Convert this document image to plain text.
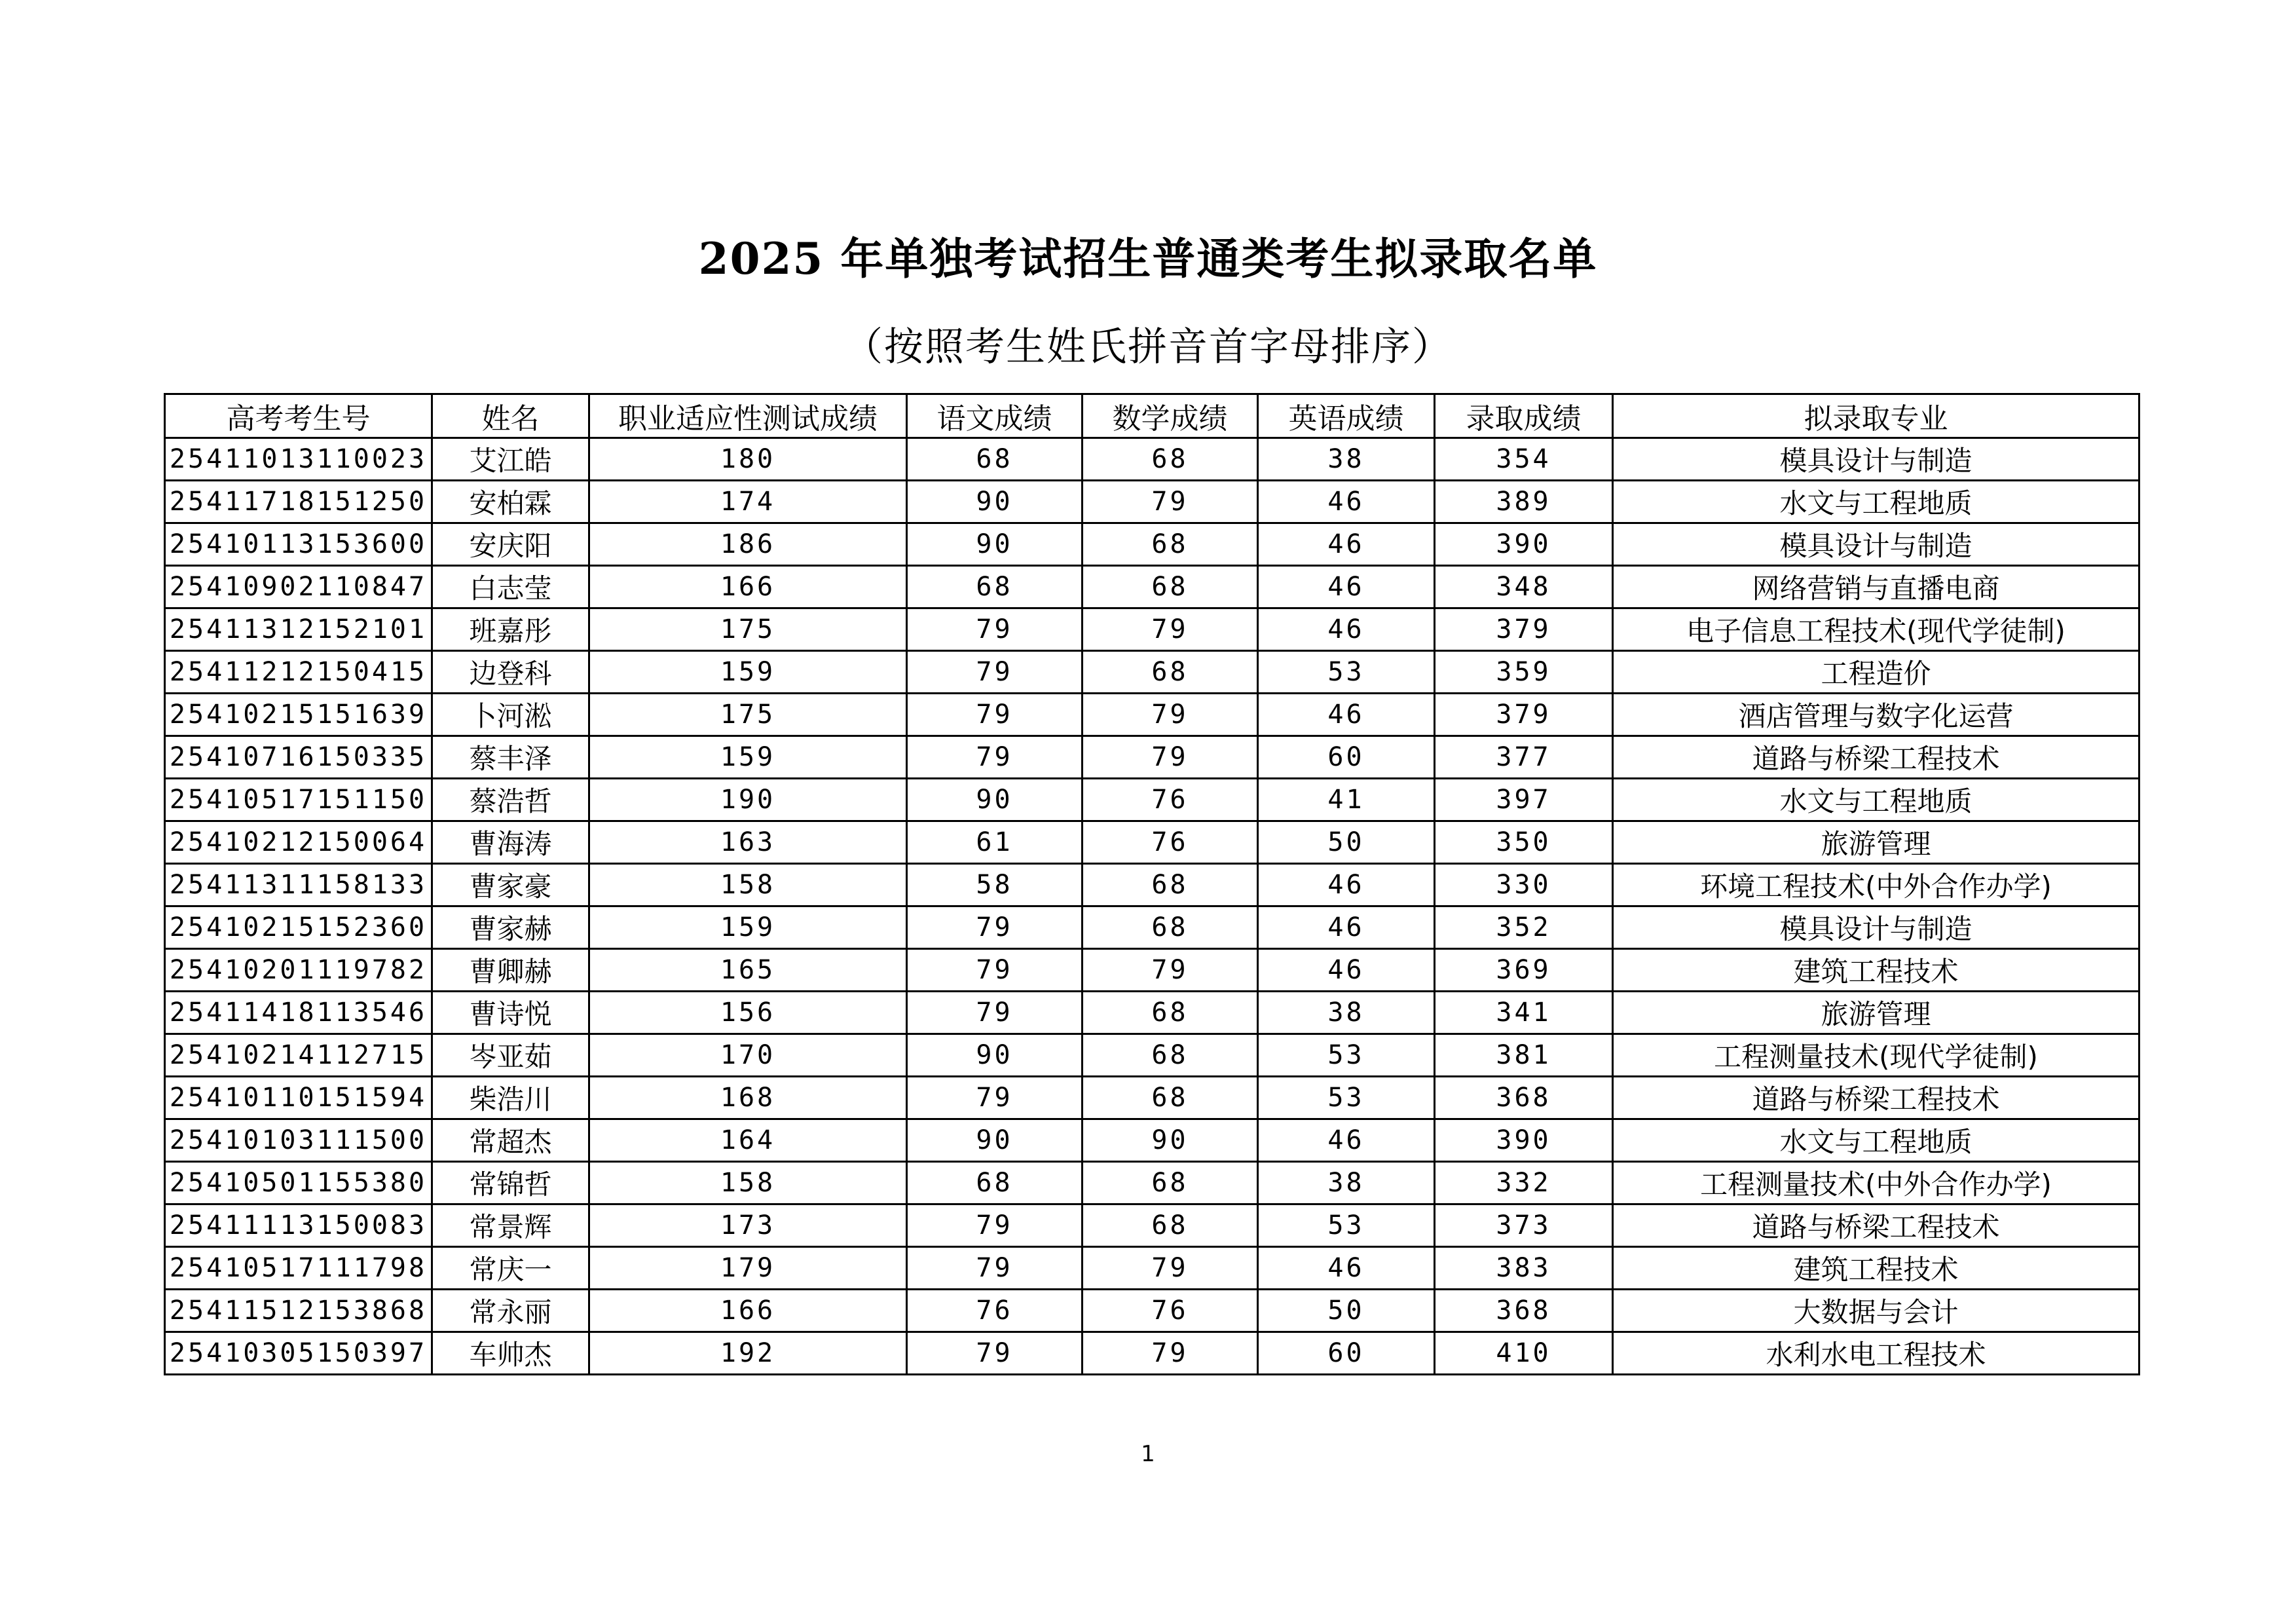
2025 年单独考试招生普通类考生拟录取名单
（按照考生姓氏拼音首字母排序）
高考考生号	姓名	职业适应性测试成绩	语文成绩	数学成绩	英语成绩	录取成绩	拟录取专业
25411013110023	艾江皓	180	68	68	38	354	模具设计与制造
25411718151250	安柏霖	174	90	79	46	389	水文与工程地质
25410113153600	安庆阳	186	90	68	46	390	模具设计与制造
25410902110847	白志莹	166	68	68	46	348	网络营销与直播电商
25411312152101	班嘉彤	175	79	79	46	379	电子信息工程技术(现代学徒制)
25411212150415	边登科	159	79	68	53	359	工程造价
25410215151639	卜河淞	175	79	79	46	379	酒店管理与数字化运营
25410716150335	蔡丰泽	159	79	79	60	377	道路与桥梁工程技术
25410517151150	蔡浩哲	190	90	76	41	397	水文与工程地质
25410212150064	曹海涛	163	61	76	50	350	旅游管理
25411311158133	曹家豪	158	58	68	46	330	环境工程技术(中外合作办学)
25410215152360	曹家赫	159	79	68	46	352	模具设计与制造
25410201119782	曹卿赫	165	79	79	46	369	建筑工程技术
25411418113546	曹诗悦	156	79	68	38	341	旅游管理
25410214112715	岑亚茹	170	90	68	53	381	工程测量技术(现代学徒制)
25410110151594	柴浩川	168	79	68	53	368	道路与桥梁工程技术
25410103111500	常超杰	164	90	90	46	390	水文与工程地质
25410501155380	常锦哲	158	68	68	38	332	工程测量技术(中外合作办学)
25411113150083	常景辉	173	79	68	53	373	道路与桥梁工程技术
25410517111798	常庆一	179	79	79	46	383	建筑工程技术
25411512153868	常永丽	166	76	76	50	368	大数据与会计
25410305150397	车帅杰	192	79	79	60	410	水利水电工程技术
1
